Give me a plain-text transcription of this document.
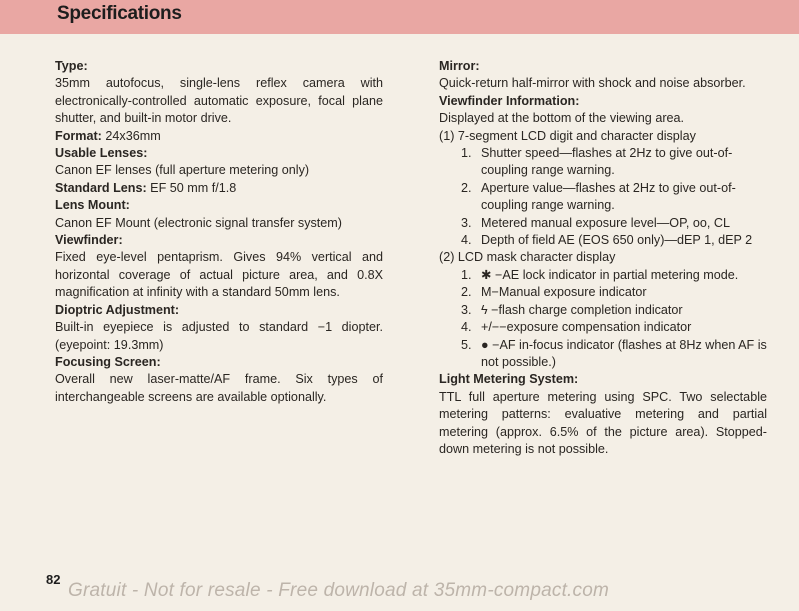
Specifications
Type:
35mm autofocus, single-lens reflex camera with electronically-controlled automatic exposure, focal plane shutter, and built-in motor drive.
Format: 24x36mm
Usable Lenses:
Canon EF lenses (full aperture metering only)
Standard Lens: EF 50 mm f/1.8
Lens Mount:
Canon EF Mount (electronic signal transfer system)
Viewfinder:
Fixed eye-level pentaprism. Gives 94% vertical and horizontal coverage of actual picture area, and 0.8X magnification at infinity with a standard 50mm lens.
Dioptric Adjustment:
Built-in eyepiece is adjusted to standard −1 diopter. (eyepoint: 19.3mm)
Focusing Screen:
Overall new laser-matte/AF frame. Six types of interchangeable screens are available optionally.
Mirror:
Quick-return half-mirror with shock and noise absorber.
Viewfinder Information:
Displayed at the bottom of the viewing area.
(1) 7-segment LCD digit and character display
1. Shutter speed—flashes at 2Hz to give out-of-coupling range warning.
2. Aperture value—flashes at 2Hz to give out-of-coupling range warning.
3. Metered manual exposure level—OP, oo, CL
4. Depth of field AE (EOS 650 only)—dEP 1, dEP 2
(2) LCD mask character display
1. ✱ −AE lock indicator in partial metering mode.
2. M−Manual exposure indicator
3. ϟ −flash charge completion indicator
4. +/−−exposure compensation indicator
5. ● −AF in-focus indicator (flashes at 8Hz when AF is not possible.)
Light Metering System:
TTL full aperture metering using SPC. Two selectable metering patterns: evaluative metering and partial metering (approx. 6.5% of the picture area). Stopped-down metering is not possible.
82
Gratuit - Not for resale - Free download at 35mm-compact.com
